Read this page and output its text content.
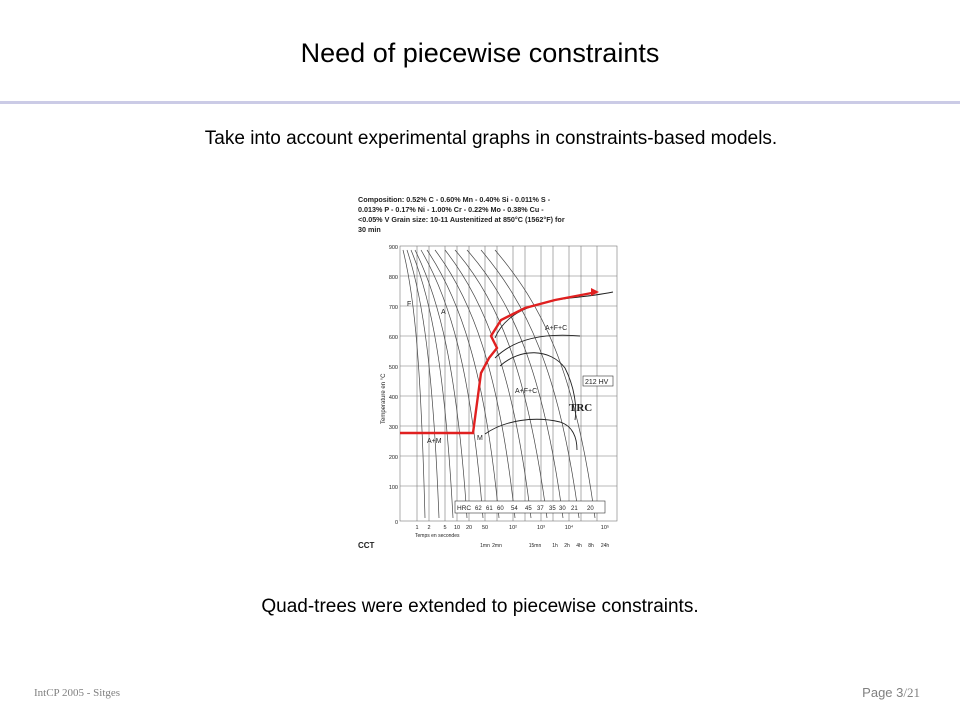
Need of piecewise constraints
Take into account experimental graphs in constraints-based models.
Composition: 0.52% C - 0.60% Mn - 0.40% Si - 0.011% S -
0.013% P - 0.17% Ni - 1.00% Cr - 0.22% Mo - 0.38% Cu -
<0.05% V Grain size: 10-11 Austenitized at 850°C (1562°F) for
30 min
A
A+F+C
A+F+C
A+M
F
M
212 HV
TRC
Temperature en °C
900
800
700
600
500
400
300
200
100
0
HRC 62 61 60 54 45 37 35 30 21 20
1 2 5 10 20 50	10²	10³	10⁴	10⁵
Temps en secondes
1mn 2mn	15mn 1h 2h 4h 8h 24h
CCT
Quad-trees were extended to piecewise constraints.
IntCP 2005 - Sitges	Page 3/21
